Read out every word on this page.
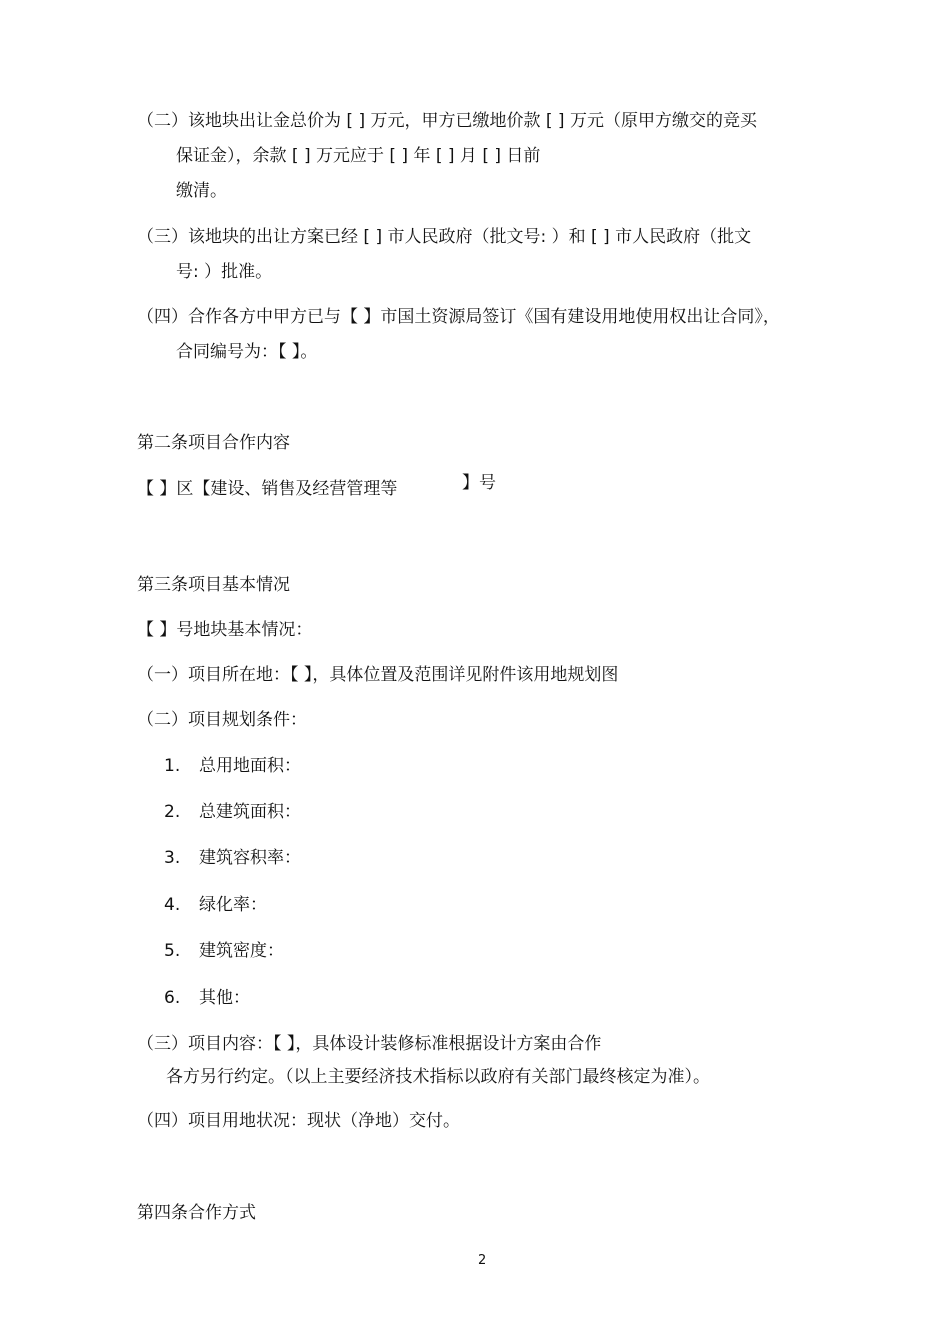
（二）该地块出让金总价为 [ ] 万元，甲方已缴地价款 [ ] 万元（原甲方缴交的竞买
保证金），余款 [ ] 万元应于 [ ] 年 [ ] 月 [ ] 日前
缴清。
（三）该地块的出让方案已经 [ ] 市人民政府（批文号: ）和 [ ] 市人民政府（批文
号: ）批准。
（四）合作各方中甲方已与【 】市国土资源局签订《国有建设用地使用权出让合同》，
合同编号为：【 】。
第二条项目合作内容
【 】区【建设、销售及经营管理等	】号
第三条项目基本情况
【 】号地块基本情况：
（一）项目所在地：【 】，具体位置及范围详见附件该用地规划图
（二）项目规划条件：
1. 总用地面积：
2. 总建筑面积：
3. 建筑容积率：
4. 绿化率：
5. 建筑密度：
6. 其他：
（三）项目内容：【 】，具体设计装修标准根据设计方案由合作
各方另行约定。（以上主要经济技术指标以政府有关部门最终核定为准）。
（四）项目用地状况：现状（净地）交付。
第四条合作方式
2
